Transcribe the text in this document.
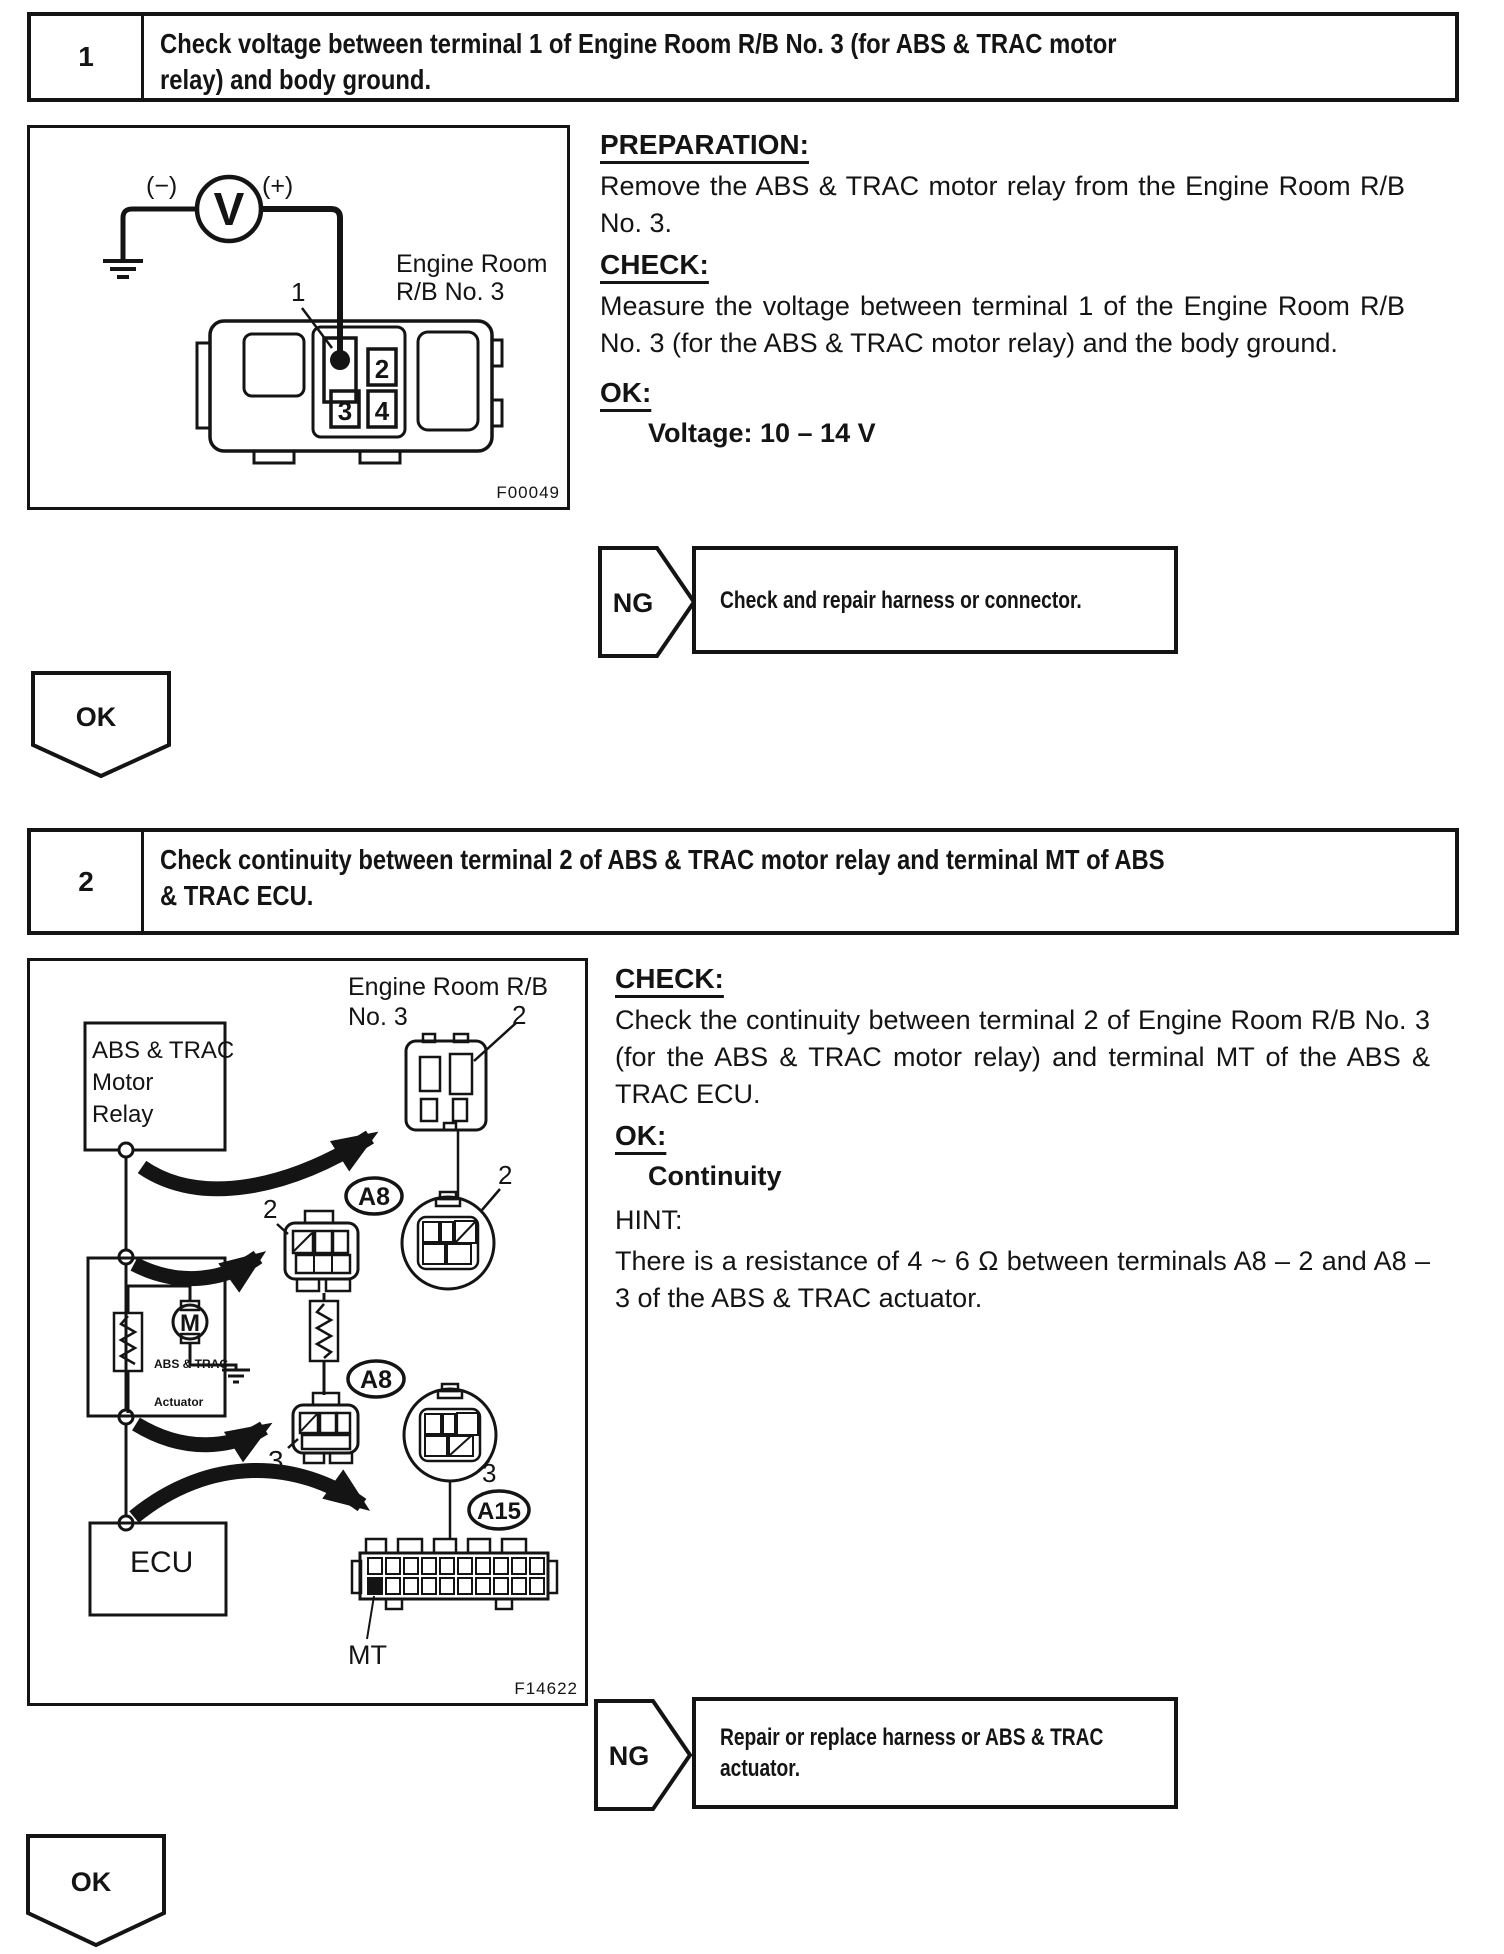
1	Check voltage between terminal 1 of Engine Room R/B No. 3 (for ABS & TRAC motor relay) and body ground.
V
2
3 4
(−)	(+)
1
Engine Room
R/B No. 3
F00049
PREPARATION:

Remove the ABS & TRAC motor relay from the Engine Room R/B No. 3.

CHECK:

Measure the voltage between terminal 1 of the Engine Room R/B No. 3 (for the ABS & TRAC motor relay) and the body ground.

OK:
Voltage: 10 – 14 V
NG	Check and repair harness or connector.
OK
2
Check continuity between terminal 2 of ABS & TRAC motor relay and terminal MT of ABS & TRAC ECU.
M
A8
A8
A15
Engine Room R/B
No. 3	2
ABS & TRAC
Motor
Relay
2
2
ABS & TRAC
Actuator
3	3
ECU
MT
F14622
CHECK:

Check the continuity between terminal 2 of Engine Room R/B No. 3 (for the ABS & TRAC motor relay) and terminal MT of the ABS & TRAC ECU.

OK:
Continuity
HINT:

There is a resistance of 4 ~ 6 Ω between terminals A8 – 2 and A8 – 3 of the ABS & TRAC actuator.

NG
Repair or replace harness or ABS & TRAC actuator.
OK
